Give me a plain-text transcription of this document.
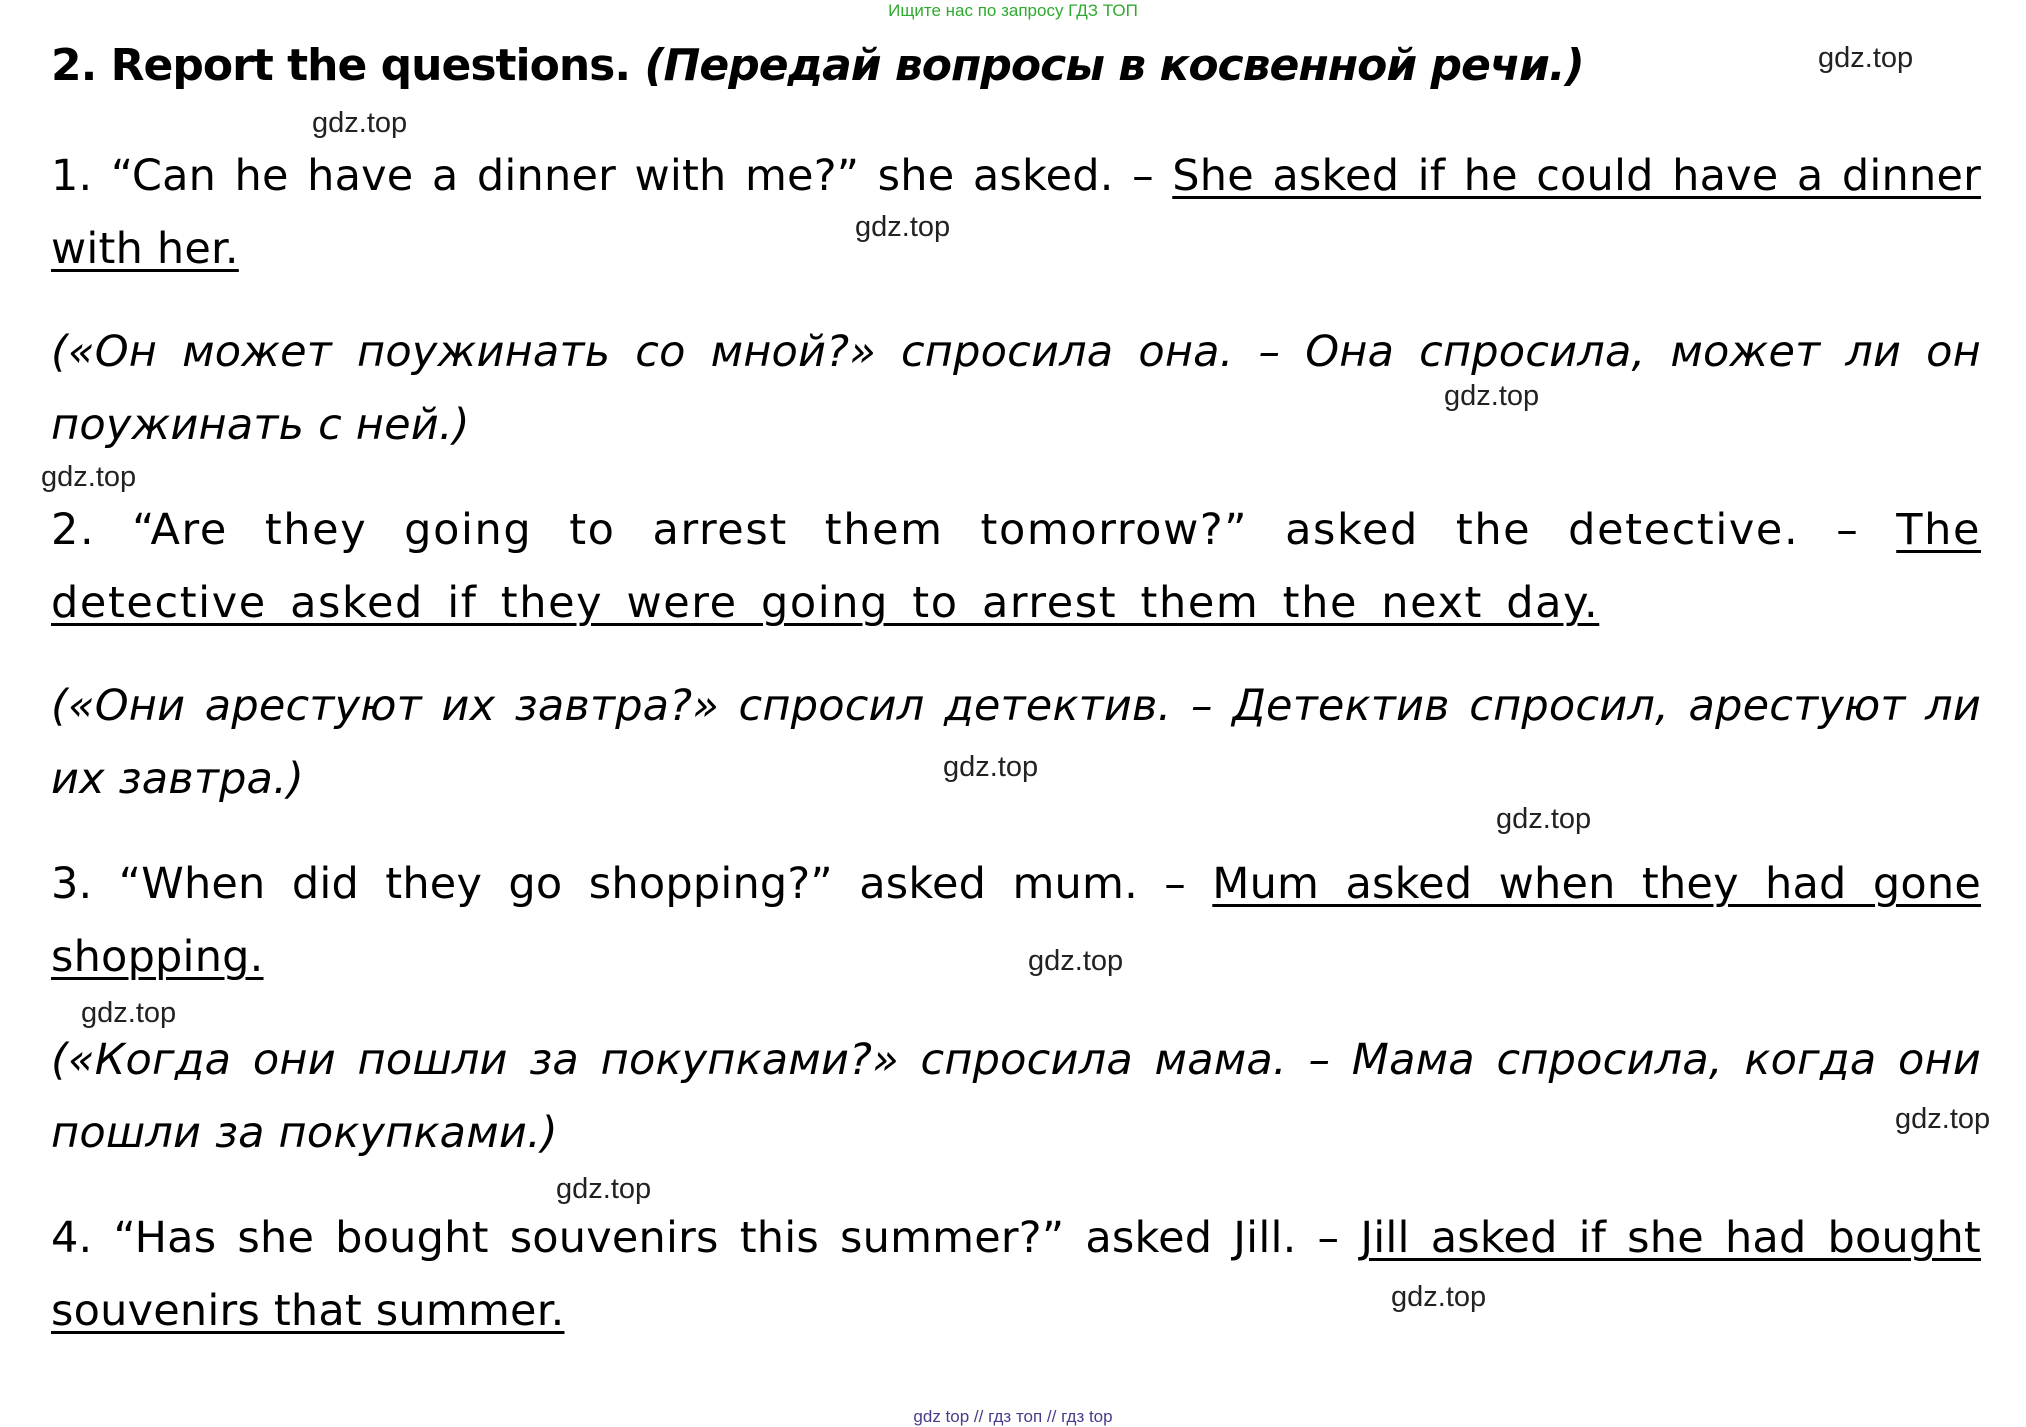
Ищите нас по запросу ГДЗ ТОП
2. Report the questions. (Передай вопросы в косвенной речи.)
1. “Can he have a dinner with me?” she asked. – She asked if he could have a dinner with her.
(«Он может поужинать со мной?» спросила она. – Она спросила, может ли он поужинать с ней.)
2. “Are they going to arrest them tomorrow?” asked the detective. – The detective asked if they were going to arrest them the next day.
(«Они арестуют их завтра?» спросил детектив. – Детектив спросил, арестуют ли их завтра.)
3. “When did they go shopping?” asked mum. – Mum asked when they had gone shopping.
(«Когда они пошли за покупками?» спросила мама. – Мама спросила, когда они пошли за покупками.)
4. “Has she bought souvenirs this summer?” asked Jill. – Jill asked if she had bought souvenirs that summer.
gdz.top
gdz.top
gdz.top
gdz.top
gdz.top
gdz.top
gdz.top
gdz.top
gdz.top
gdz.top
gdz.top
gdz.top
gdz top // гдз топ // гдз top
